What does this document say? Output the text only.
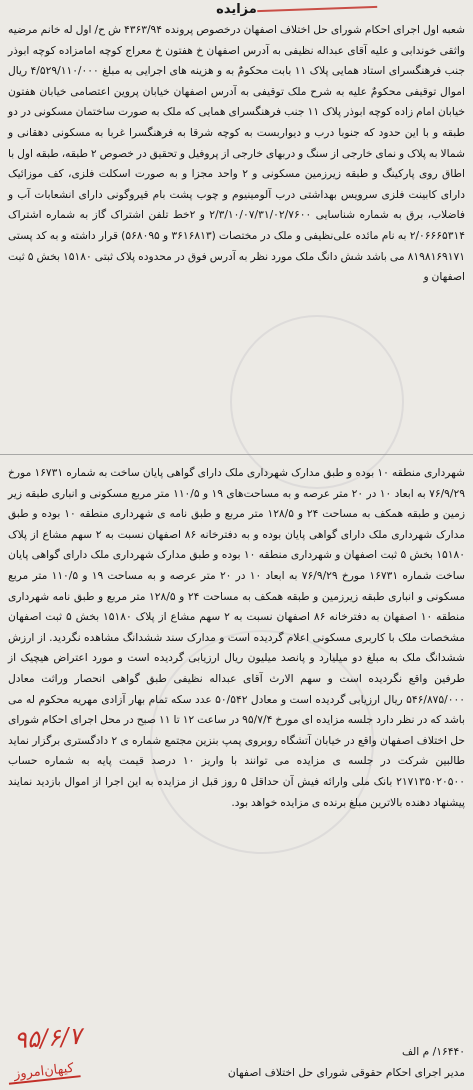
مزایده
شعبه اول اجرای احکام شورای حل اختلاف اصفهان درخصوص پرونده ۴۳۶۳/۹۴ ش ح/ اول له خانم مرضیه واثقی خوندابی و علیه آقای عبداله نظیفی به آدرس اصفهان خ هفتون خ معراج کوچه امامزاده کوچه ابوذر جنب فرهنگسرای استاد همایی پلاک ۱۱ بابت محکومٌ به و هزینه های اجرایی به مبلغ ۴/۵۲۹/۱۱۰/۰۰۰ ریال اموال توقیفی محکومٌ علیه به شرح ملک توقیفی به آدرس اصفهان خیابان پروین اعتصامی خیابان هفتون خیابان امام زاده کوچه ابوذر پلاک ۱۱ جنب فرهنگسرای همایی که ملک به صورت ساختمان مسکونی در دو طبقه و با این حدود که جنوبا درب و دیواربست به کوچه شرقا به فرهنگسرا غربا به مسکونی دهقانی و شمالا به پلاک و نمای خارجی از سنگ و دربهای خارجی از پروفیل و تحقیق در خصوص ۲ طبقه، طبقه اول با اطاق روی پارکینگ و طبقه زیرزمین مسکونی و ۲ واحد مجزا و به صورت اسکلت فلزی، کف موزائیک دارای کابینت فلزی سرویس بهداشتی درب آلومینیوم و چوب پشت بام قیروگونی دارای انشعابات آب و فاضلاب، برق به شماره شناسایی ۲/۳/۱۰/۰۷/۳۱/۰۲/۷۶۰۰ و ۲خط تلفن اشتراک گاز به شماره اشتراک ۲/۰۶۶۶۵۳۱۴ به نام مائده علی‌نظیفی و ملک در مختصات (۳۶۱۶۸۱۳ و ۵۶۸۰۹۵) قرار داشته و به کد پستی ۸۱۹۸۱۶۹۱۷۱ می باشد شش دانگ ملک مورد نظر به آدرس فوق در محدوده پلاک ثبتی ۱۵۱۸۰ بخش ۵ ثبت اصفهان و
شهرداری منطقه ۱۰ بوده و طبق مدارک شهرداری ملک دارای گواهی پایان ساخت به شماره ۱۶۷۳۱ مورخ ۷۶/۹/۲۹ به ابعاد ۱۰ در ۲۰ متر عرصه و به مساحت‌های ۱۹ و ۱۱۰/۵ متر مربع مسکونی و انباری طبقه زیر زمین و طبقه همکف به مساحت ۲۴ و ۱۲۸/۵ متر مربع و طبق نامه ی شهرداری منطقه ۱۰ بوده و طبق مدارک شهرداری ملک دارای گواهی پایان بوده و به دفترخانه ۸۶ اصفهان نسبت به ۲ سهم مشاع از پلاک ۱۵۱۸۰ بخش ۵ ثبت اصفهان و شهرداری منطقه ۱۰ بوده و طبق مدارک شهرداری ملک دارای گواهی پایان ساخت شماره ۱۶۷۳۱ مورخ ۷۶/۹/۲۹ به ابعاد ۱۰ در ۲۰ متر عرصه و به مساحت ۱۹ و ۱۱۰/۵ متر مربع مسکونی و انباری طبقه زیرزمین و طبقه همکف به مساحت ۲۴ و ۱۲۸/۵ متر مربع و طبق نامه شهرداری منطقه ۱۰ اصفهان به دفترخانه ۸۶ اصفهان نسبت به ۲ سهم مشاع از پلاک ۱۵۱۸۰ بخش ۵ ثبت اصفهان مشخصات ملک با کاربری مسکونی اعلام گردیده است و مدارک سند ششدانگ مشاهده نگردید. از ارزش ششدانگ ملک به مبلغ دو میلیارد و پانصد میلیون ریال ارزیابی گردیده است و مورد اعتراض هیچیک از طرفین واقع نگردیده است و سهم الارث آقای عبداله نظیفی طبق گواهی انحصار وراثت معادل ۵۴۶/۸۷۵/۰۰۰ ریال ارزیابی گردیده است و معادل ۵۰/۵۴۲ عدد سکه تمام بهار آزادی مهریه محکوم له می باشد که در نظر دارد جلسه مزایده ای مورخ ۹۵/۷/۴ در ساعت ۱۲ تا ۱۱ صبح در محل اجرای احکام شورای حل اختلاف اصفهان واقع در خیابان آتشگاه روبروی پمپ بنزین مجتمع شماره ی ۲ دادگستری برگزار نماید طالبین شرکت در جلسه ی مزایده می توانند با واریز ۱۰ درصد قیمت پایه به شماره حساب ۲۱۷۱۳۵۰۲۰۵۰۰ بانک ملی وارائه فیش آن حداقل ۵ روز قبل از مزایده به این اجرا از اموال بازدید نمایند پیشنهاد دهنده بالاترین مبلغ برنده ی مزایده خواهد بود.
۱۶۴۴۰/ م الف
مدیر اجرای احکام حقوقی شورای حل اختلاف اصفهان
۹۵/۶/۷
کیهان‌امروز
